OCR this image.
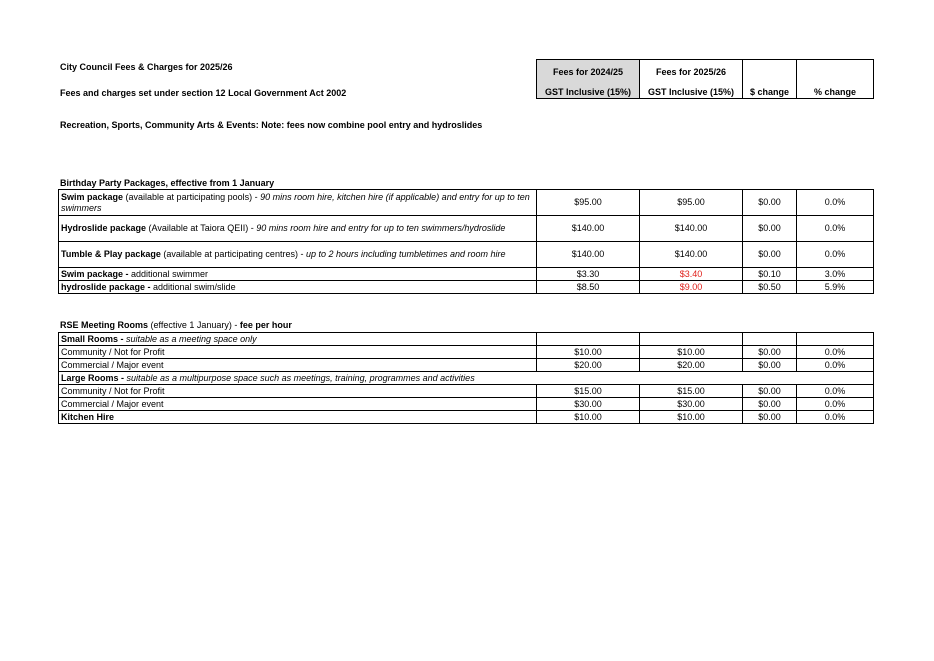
City Council Fees & Charges for 2025/26
Fees and charges set under section 12 Local Government Act 2002
Fees for 2024/25	Fees for 2025/26		
GST Inclusive (15%)	GST Inclusive (15%)	$ change	% change
Recreation, Sports, Community Arts & Events: Note: fees now combine pool entry and hydroslides
Birthday Party Packages, effective from 1 January
Swim package (available at participating pools) - 90 mins room hire, kitchen hire (if applicable) and entry for up to ten swimmers	$95.00	$95.00	$0.00	0.0%
Hydroslide package (Available at Taiora QEII) - 90 mins room hire and entry for up to ten swimmers/hydroslide	$140.00	$140.00	$0.00	0.0%
Tumble & Play package (available at participating centres) - up to 2 hours including tumbletimes and room hire	$140.00	$140.00	$0.00	0.0%
Swim package - additional swimmer	$3.30	$3.40	$0.10	3.0%
hydroslide package - additional swim/slide	$8.50	$9.00	$0.50	5.9%
RSE Meeting Rooms (effective 1 January) - fee per hour
Small Rooms - suitable as a meeting space only				
Community / Not for Profit	$10.00	$10.00	$0.00	0.0%
Commercial / Major event	$20.00	$20.00	$0.00	0.0%
Large Rooms - suitable as a multipurpose space such as meetings, training, programmes and activities				
Community / Not for Profit	$15.00	$15.00	$0.00	0.0%
Commercial / Major event	$30.00	$30.00	$0.00	0.0%
Kitchen Hire	$10.00	$10.00	$0.00	0.0%
